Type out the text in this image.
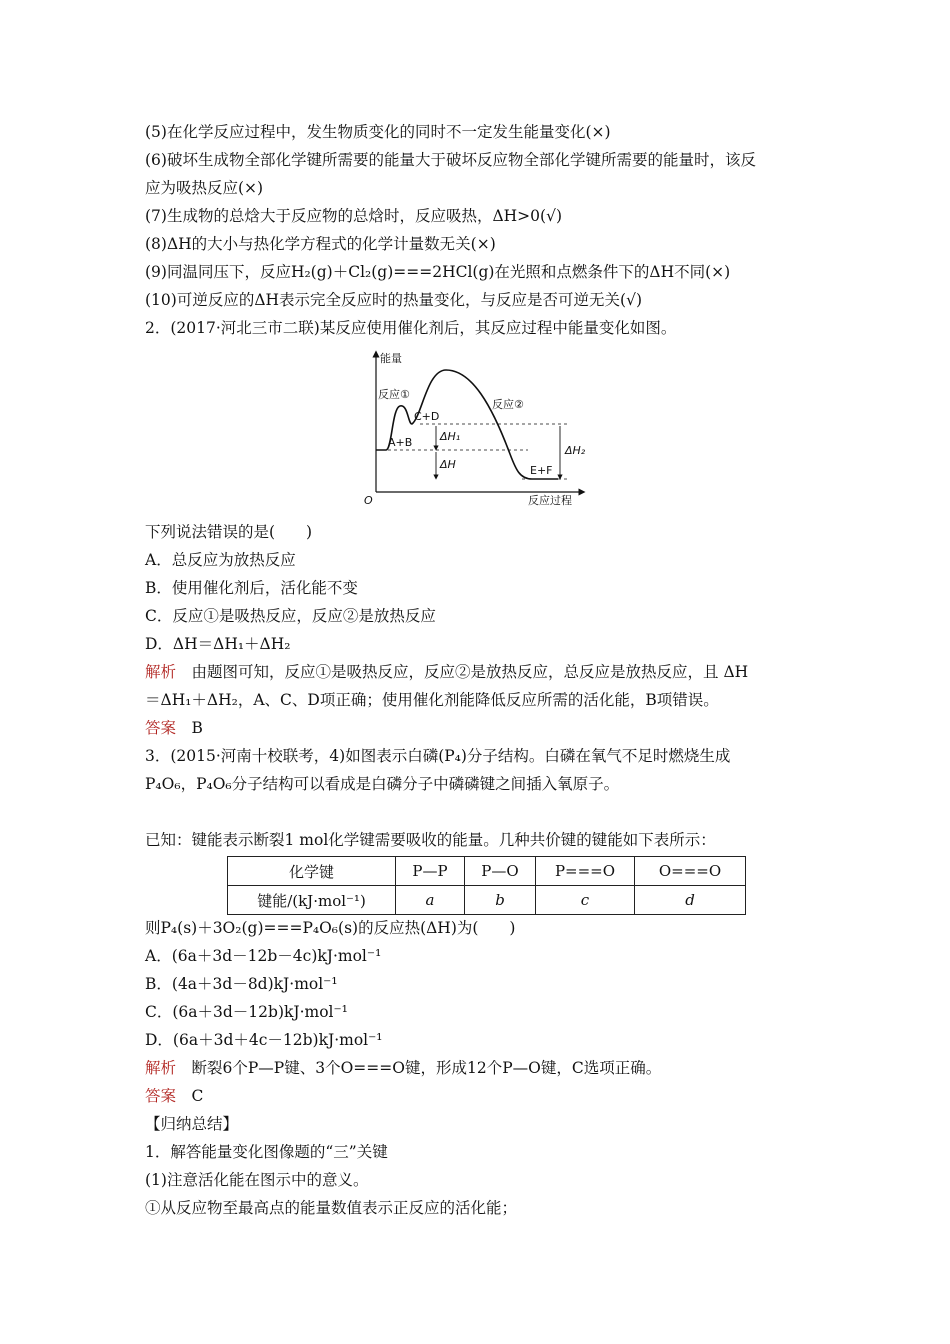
(5)在化学反应过程中，发生物质变化的同时不一定发生能量变化(×)
(6)破坏生成物全部化学键所需要的能量大于破坏反应物全部化学键所需要的能量时，该反
应为吸热反应(×)
(7)生成物的总焓大于反应物的总焓时，反应吸热，ΔH>0(√)
(8)ΔH的大小与热化学方程式的化学计量数无关(×)
(9)同温同压下，反应H₂(g)＋Cl₂(g)===2HCl(g)在光照和点燃条件下的ΔH不同(×)
(10)可逆反应的ΔH表示完全反应时的热量变化，与反应是否可逆无关(√)
2．(2017·河北三市二联)某反应使用催化剂后，其反应过程中能量变化如图。
能量
O	反应过程
反应①
反应②
C+D
A+B
E+F
ΔH₁
ΔH
ΔH₂
下列说法错误的是(　　)
A．总反应为放热反应
B．使用催化剂后，活化能不变
C．反应①是吸热反应，反应②是放热反应
D．ΔH＝ΔH₁＋ΔH₂
解析　由题图可知，反应①是吸热反应，反应②是放热反应，总反应是放热反应，且 ΔH
＝ΔH₁＋ΔH₂，A、C、D项正确；使用催化剂能降低反应所需的活化能，B项错误。
答案　B
3．(2015·河南十校联考，4)如图表示白磷(P₄)分子结构。白磷在氧气不足时燃烧生成
P₄O₆，P₄O₆分子结构可以看成是白磷分子中磷磷键之间插入氧原子。
已知：键能表示断裂1 mol化学键需要吸收的能量。几种共价键的键能如下表所示：
化学键	P—P	P—O	P===O	O===O
键能/(kJ·mol⁻¹)	a	b	c	d
则P₄(s)＋3O₂(g)===P₄O₆(s)的反应热(ΔH)为(　　)
A．(6a＋3d－12b－4c)kJ·mol⁻¹
B．(4a＋3d－8d)kJ·mol⁻¹
C．(6a＋3d－12b)kJ·mol⁻¹
D．(6a＋3d＋4c－12b)kJ·mol⁻¹
解析　断裂6个P—P键、3个O===O键，形成12个P—O键，C选项正确。
答案　C
【归纳总结】
1．解答能量变化图像题的“三”关键
(1)注意活化能在图示中的意义。
①从反应物至最高点的能量数值表示正反应的活化能；
